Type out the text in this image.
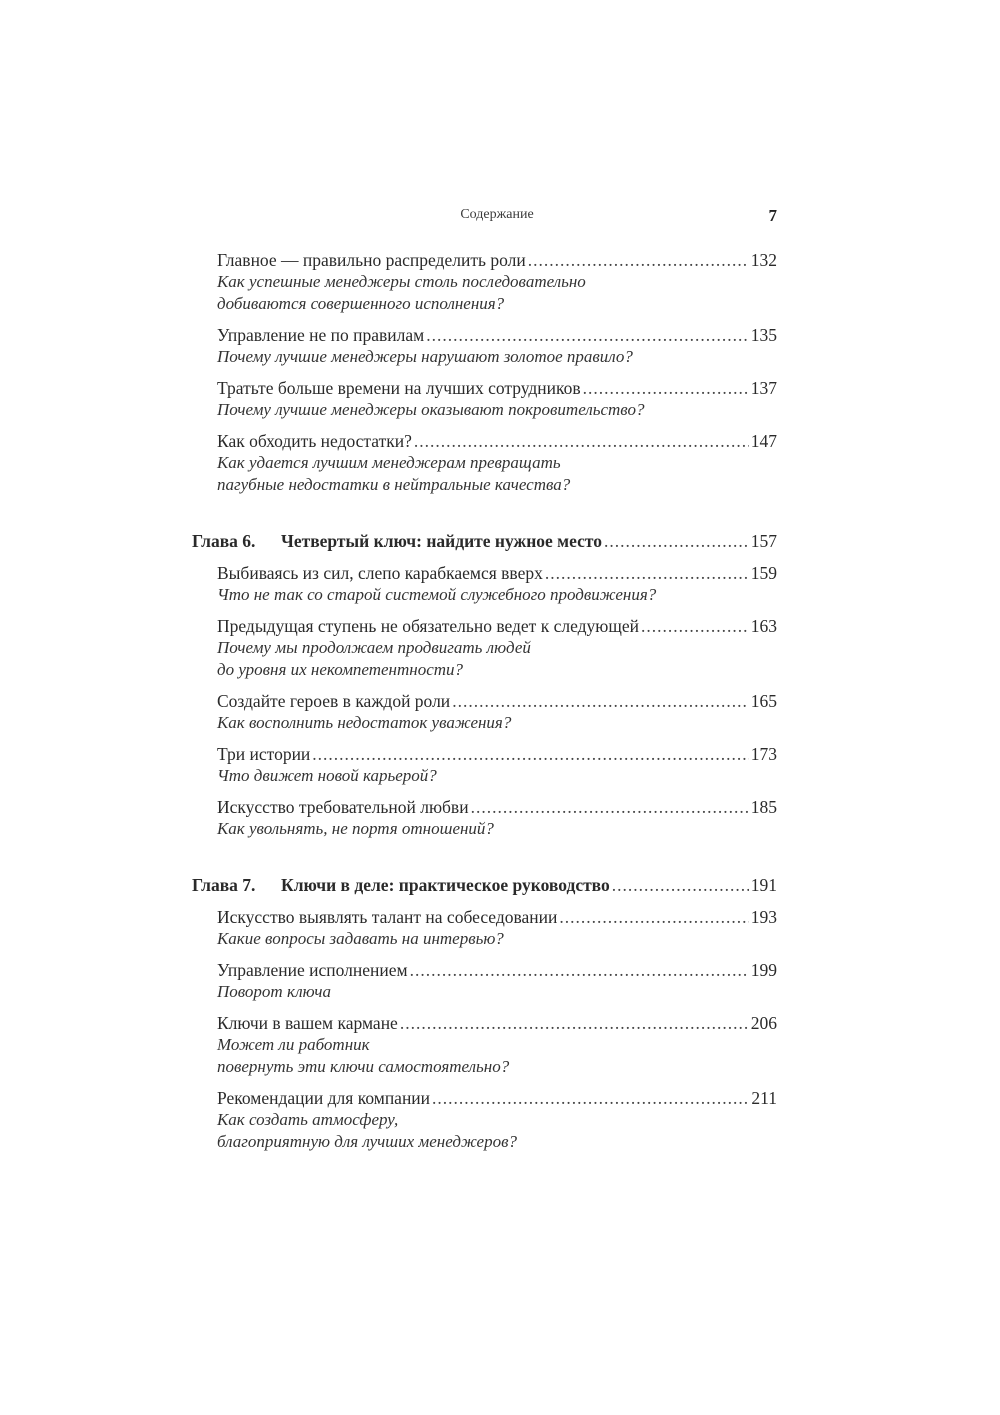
Содержание	7
Главное — правильно распределить роли .....	132
Как успешные менеджеры столь последовательно
добиваются совершенного исполнения?
Управление не по правилам .....	135
Почему лучшие менеджеры нарушают золотое правило?
Тратьте больше времени на лучших сотрудников .....	137
Почему лучшие менеджеры оказывают покровительство?
Как обходить недостатки? .....	147
Как удается лучшим менеджерам превращать
пагубные недостатки в нейтральные качества?
Глава 6. Четвертый ключ: найдите нужное место .....	157
Выбиваясь из сил, слепо карабкаемся вверх .....	159
Что не так со старой системой служебного продвижения?
Предыдущая ступень не обязательно ведет к следующей .....	163
Почему мы продолжаем продвигать людей
до уровня их некомпетентности?
Создайте героев в каждой роли .....	165
Как восполнить недостаток уважения?
Три истории .....	173
Что движет новой карьерой?
Искусство требовательной любви .....	185
Как увольнять, не портя отношений?
Глава 7. Ключи в деле: практическое руководство .....	191
Искусство выявлять талант на собеседовании .....	193
Какие вопросы задавать на интервью?
Управление исполнением .....	199
Поворот ключа
Ключи в вашем кармане .....	206
Может ли работник
повернуть эти ключи самостоятельно?
Рекомендации для компании .....	211
Как создать атмосферу,
благоприятную для лучших менеджеров?
